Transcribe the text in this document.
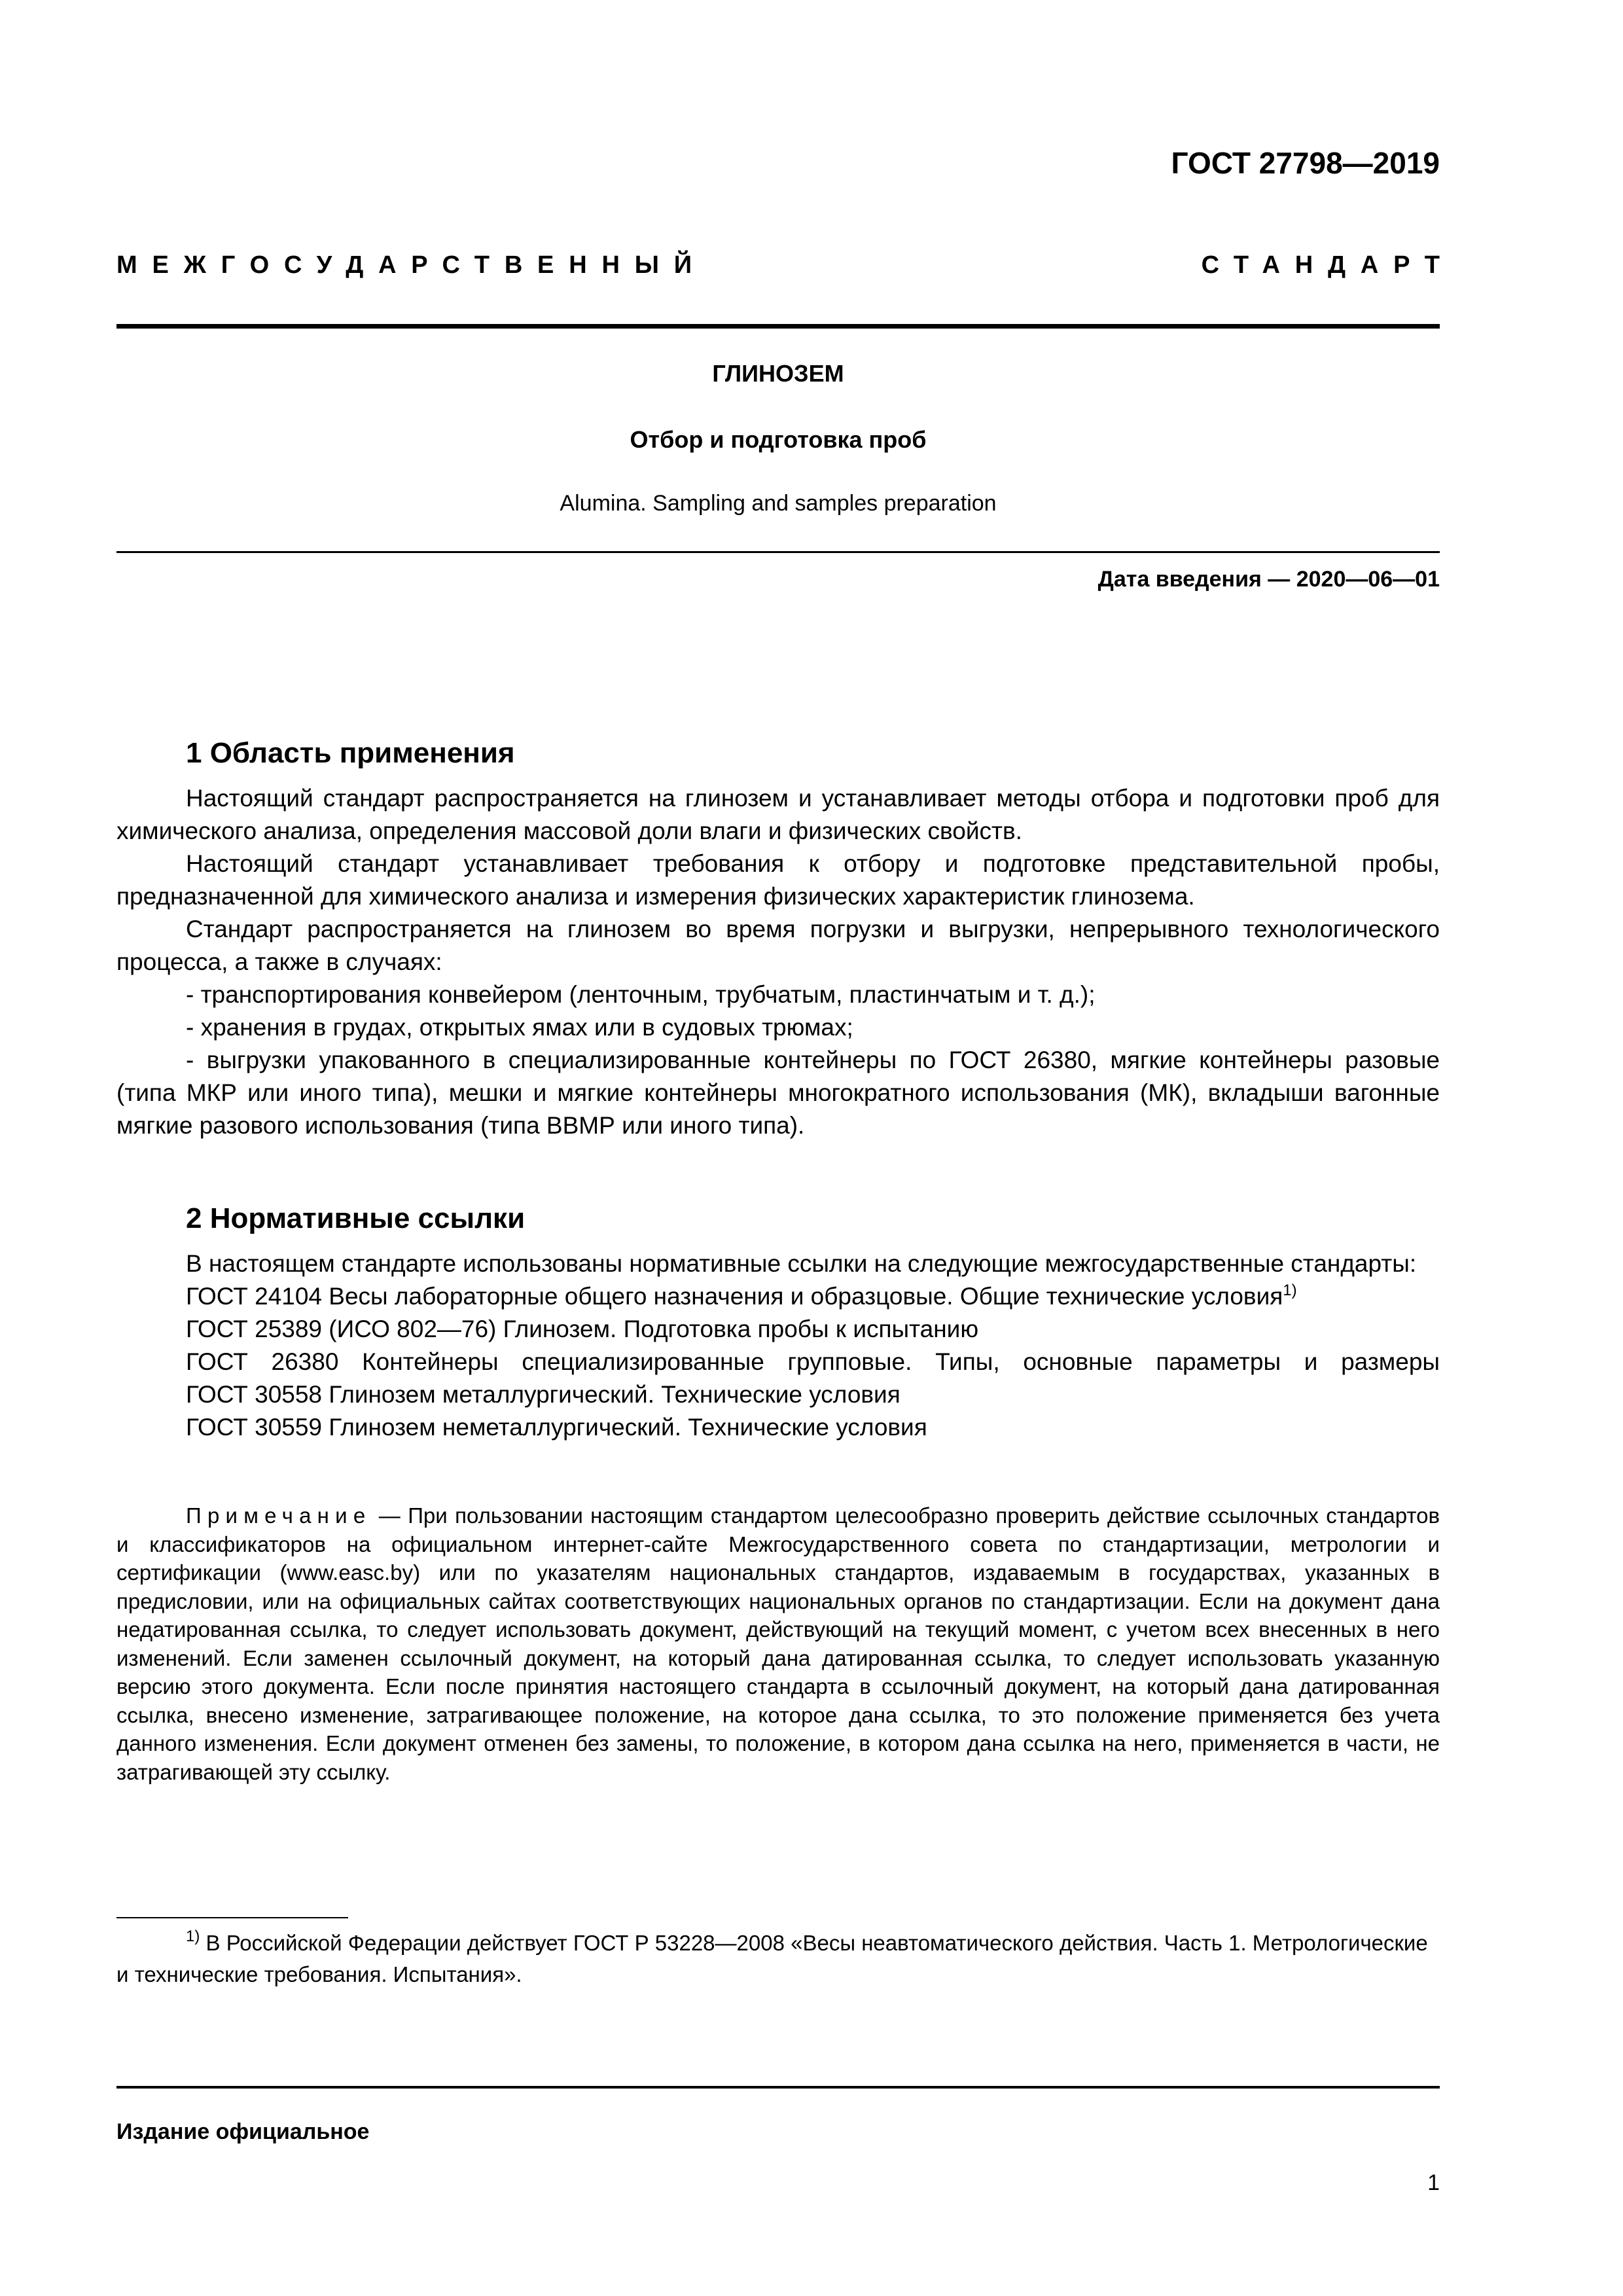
ГОСТ 27798—2019
МЕЖГОСУДАРСТВЕННЫЙ	СТАНДАРТ
ГЛИНОЗЕМ
Отбор и подготовка проб
Alumina. Sampling and samples preparation
Дата введения — 2020—06—01
1 Область применения

Настоящий стандарт распространяется на глинозем и устанавливает методы отбора и подготовки проб для химического анализа, определения массовой доли влаги и физических свойств.

Настоящий стандарт устанавливает требования к отбору и подготовке представительной пробы, предназначенной для химического анализа и измерения физических характеристик глинозема.

Стандарт распространяется на глинозем во время погрузки и выгрузки, непрерывного технологического процесса, а также в случаях:

- транспортирования конвейером (ленточным, трубчатым, пластинчатым и т. д.);

- хранения в грудах, открытых ямах или в судовых трюмах;

- выгрузки упакованного в специализированные контейнеры по ГОСТ 26380, мягкие контейнеры разовые (типа МКР или иного типа), мешки и мягкие контейнеры многократного использования (МК), вкладыши вагонные мягкие разового использования (типа ВВМР или иного типа).

2 Нормативные ссылки

В настоящем стандарте использованы нормативные ссылки на следующие межгосударственные стандарты:

ГОСТ 24104 Весы лабораторные общего назначения и образцовые. Общие технические условия$^{1)}$

ГОСТ 25389 (ИСО 802—76) Глинозем. Подготовка пробы к испытанию

ГОСТ 26380 Контейнеры специализированные групповые. Типы, основные параметры и размеры

ГОСТ 30558 Глинозем металлургический. Технические условия

ГОСТ 30559 Глинозем неметаллургический. Технические условия

Примечание — При пользовании настоящим стандартом целесообразно проверить действие ссылочных стандартов и классификаторов на официальном интернет-сайте Межгосударственного совета по стандартизации, метрологии и сертификации (www.easc.by) или по указателям национальных стандартов, издаваемым в государствах, указанных в предисловии, или на официальных сайтах соответствующих национальных органов по стандартизации. Если на документ дана недатированная ссылка, то следует использовать документ, действующий на текущий момент, с учетом всех внесенных в него изменений. Если заменен ссылочный документ, на который дана датированная ссылка, то следует использовать указанную версию этого документа. Если после принятия настоящего стандарта в ссылочный документ, на который дана датированная ссылка, внесено изменение, затрагивающее положение, на которое дана ссылка, то это положение применяется без учета данного изменения. Если документ отменен без замены, то положение, в котором дана ссылка на него, применяется в части, не затрагивающей эту ссылку.

$^{1)}$ В Российской Федерации действует ГОСТ Р 53228—2008 «Весы неавтоматического действия. Часть 1. Метрологические и технические требования. Испытания».

Издание официальное
1
